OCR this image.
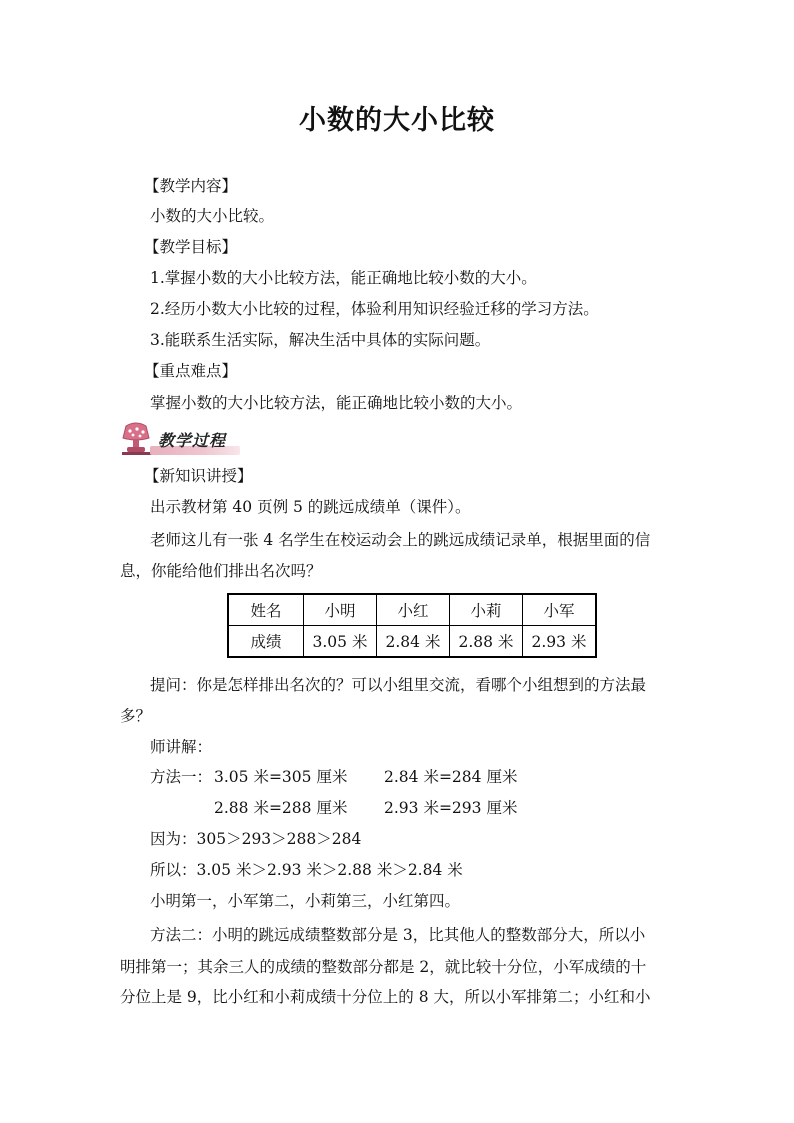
小数的大小比较
【教学内容】
小数的大小比较。
【教学目标】
1.掌握小数的大小比较方法，能正确地比较小数的大小。
2.经历小数大小比较的过程，体验利用知识经验迁移的学习方法。
3.能联系生活实际，解决生活中具体的实际问题。
【重点难点】
掌握小数的大小比较方法，能正确地比较小数的大小。
教学过程
【新知识讲授】
出示教材第 40 页例 5 的跳远成绩单（课件）。
老师这儿有一张 4 名学生在校运动会上的跳远成绩记录单，根据里面的信
息，你能给他们排出名次吗？
姓名	小明	小红	小莉	小军
成绩	3.05 米	2.84 米	2.88 米	2.93 米
提问：你是怎样排出名次的？可以小组里交流，看哪个小组想到的方法最
多？
师讲解：
方法一： 3.05 米=305 厘米 2.84 米=284 厘米
2.88 米=288 厘米 2.93 米=293 厘米
因为：305＞293＞288＞284
所以：3.05 米＞2.93 米＞2.88 米＞2.84 米
小明第一，小军第二，小莉第三，小红第四。
方法二：小明的跳远成绩整数部分是 3，比其他人的整数部分大，所以小
明排第一；其余三人的成绩的整数部分都是 2，就比较十分位，小军成绩的十
分位上是 9，比小红和小莉成绩十分位上的 8 大，所以小军排第二；小红和小
